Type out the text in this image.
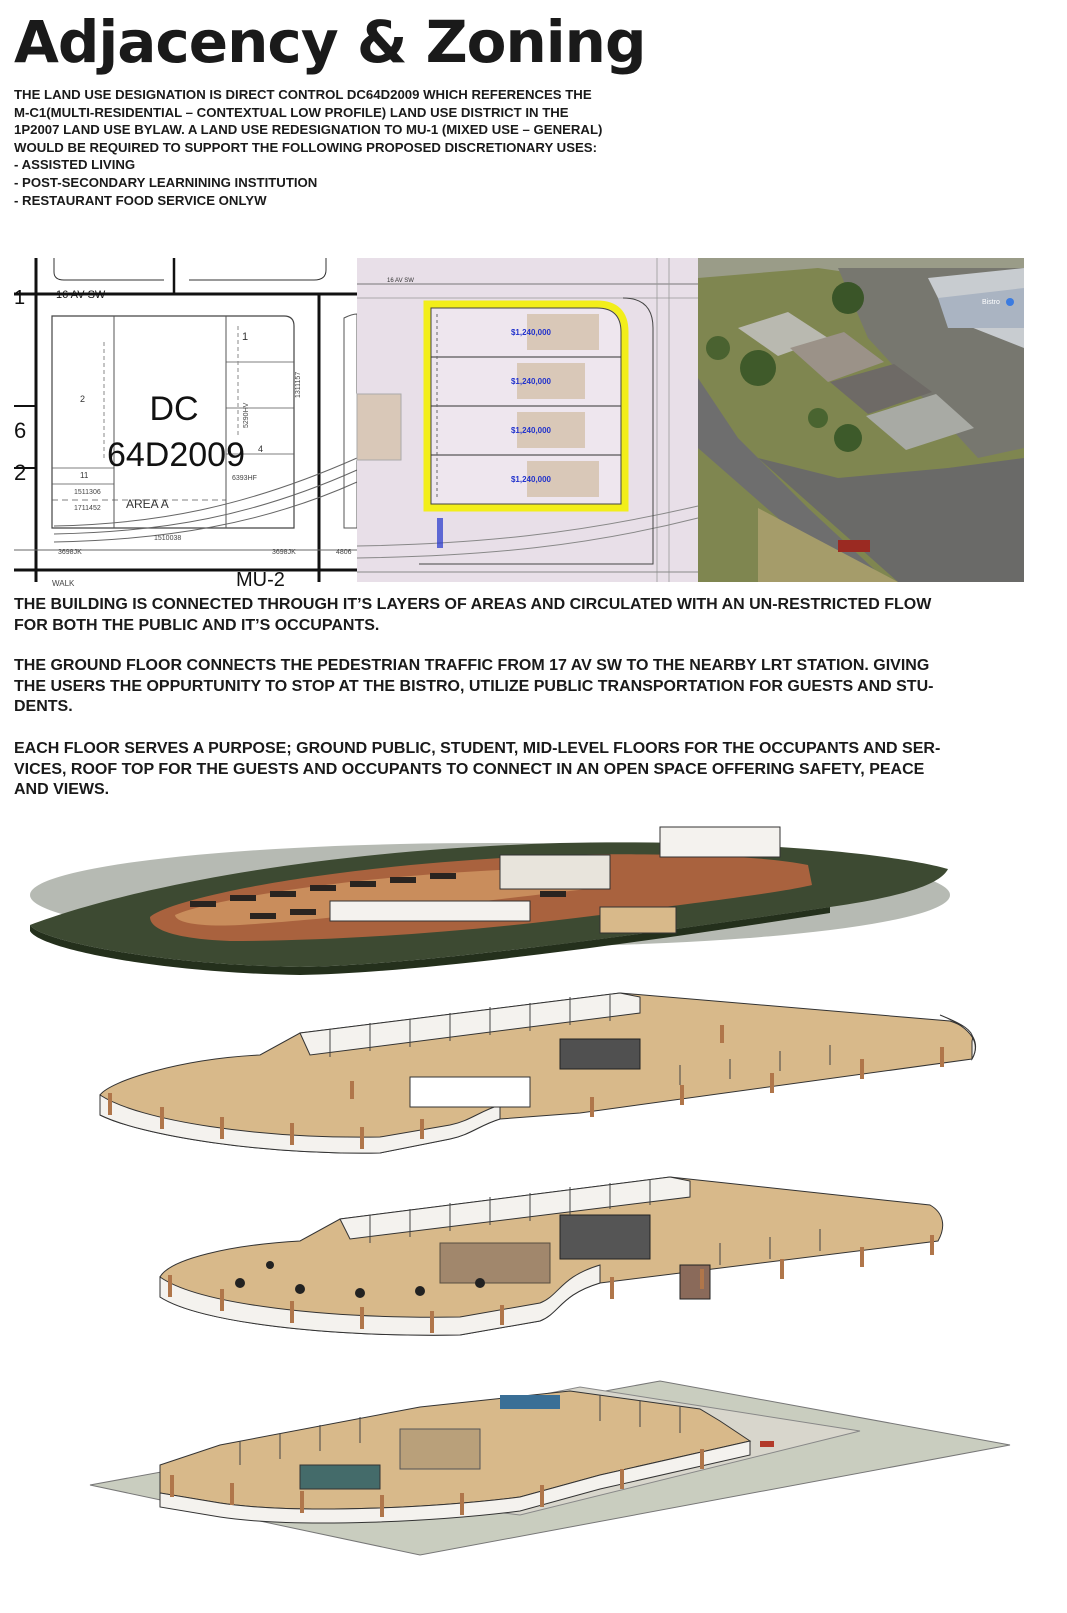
Adjacency & Zoning
THE LAND USE DESIGNATION IS DIRECT CONTROL DC64D2009 WHICH REFERENCES THE
M-C1(MULTI-RESIDENTIAL – CONTEXTUAL LOW PROFILE) LAND USE DISTRICT IN THE
1P2007 LAND USE BYLAW. A LAND USE REDESIGNATION TO MU-1 (MIXED USE – GENERAL)
WOULD BE REQUIRED TO SUPPORT THE FOLLOWING PROPOSED DISCRETIONARY USES:
- ASSISTED LIVING
- POST-SECONDARY LEARNINING INSTITUTION
- RESTAURANT FOOD SERVICE ONLYW
DC
64D2009
16 AV SW
AREA A
MU-2
1
6
2
1
2
4
11
1511306
1711452
1510038
3698JK	3698JK	4806
6393HF
1311157
5290HV
WALK
$1,240,000
$1,240,000
$1,240,000
$1,240,000
16 AV SW
Bistro
THE BUILDING IS CONNECTED THROUGH IT’S LAYERS OF AREAS AND CIRCULATED WITH AN UN-RESTRICTED FLOW
FOR BOTH THE PUBLIC AND IT’S OCCUPANTS.
THE GROUND FLOOR CONNECTS THE PEDESTRIAN TRAFFIC FROM 17 AV SW TO THE NEARBY LRT STATION. GIVING
THE USERS THE OPPURTUNITY TO STOP AT THE BISTRO, UTILIZE PUBLIC TRANSPORTATION FOR GUESTS AND STU-
DENTS.
EACH FLOOR SERVES A PURPOSE; GROUND PUBLIC, STUDENT, MID-LEVEL FLOORS FOR THE OCCUPANTS AND SER-
VICES, ROOF TOP FOR THE GUESTS AND OCCUPANTS TO CONNECT IN AN OPEN SPACE OFFERING SAFETY, PEACE
AND VIEWS.
